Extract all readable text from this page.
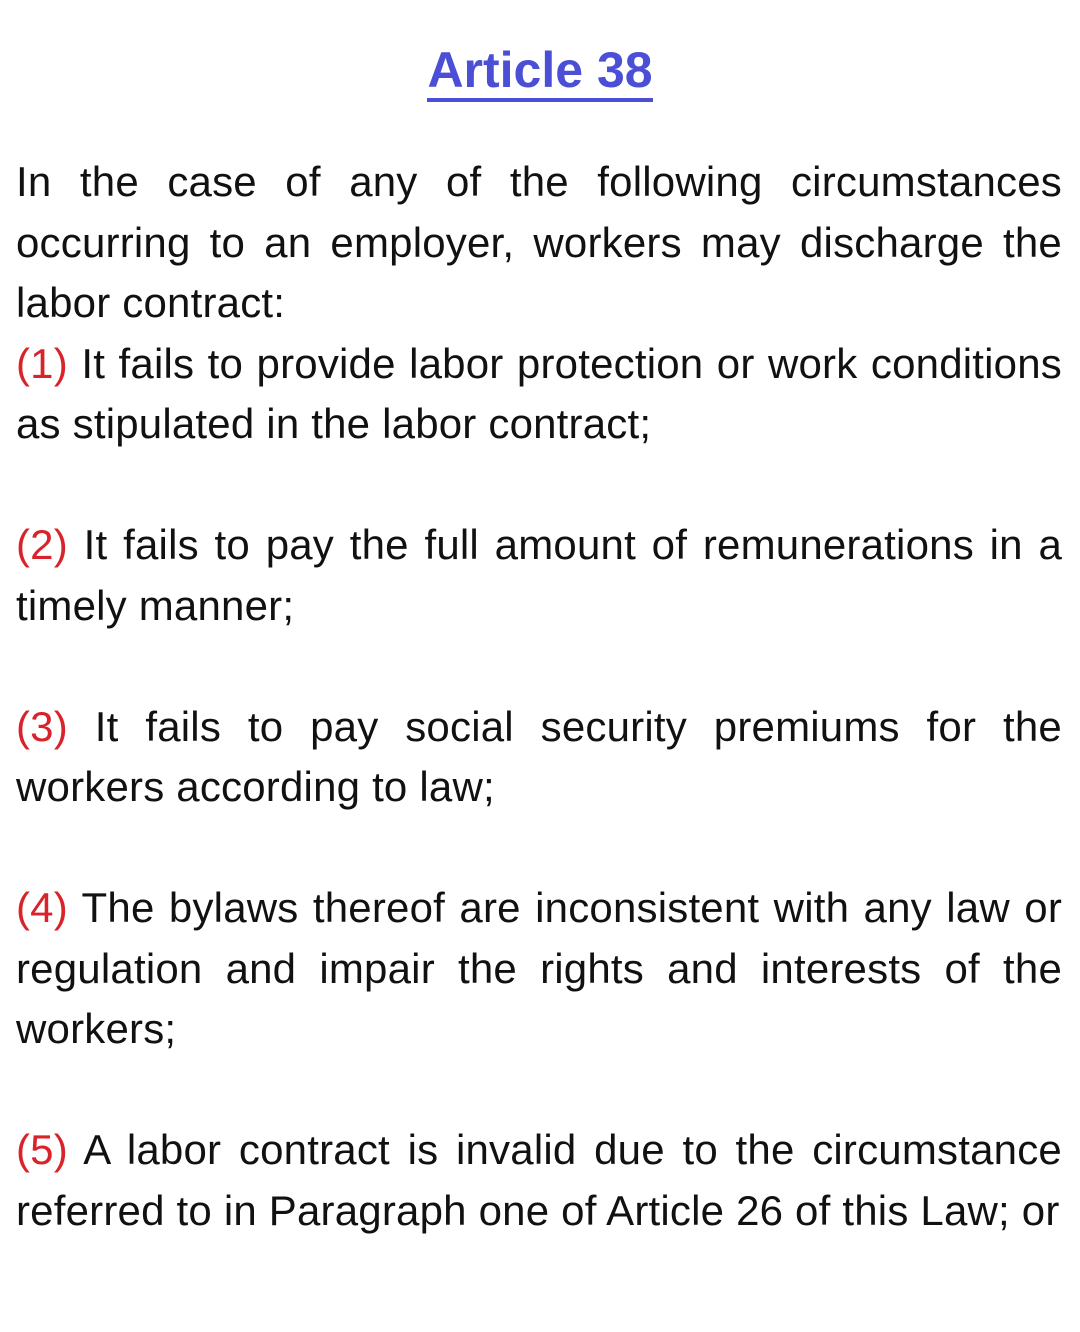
Article 38

In the case of any of the following circumstances occurring to an employer, workers may discharge the labor contract:

(1) It fails to provide labor protection or work conditions as stipulated in the labor contract;

(2) It fails to pay the full amount of remunerations in a timely manner;

(3) It fails to pay social security premiums for the workers according to law;

(4) The bylaws thereof are inconsistent with any law or regulation and impair the rights and interests of the workers;

(5) A labor contract is invalid due to the circumstance referred to in Paragraph one of Article 26 of this Law; or
